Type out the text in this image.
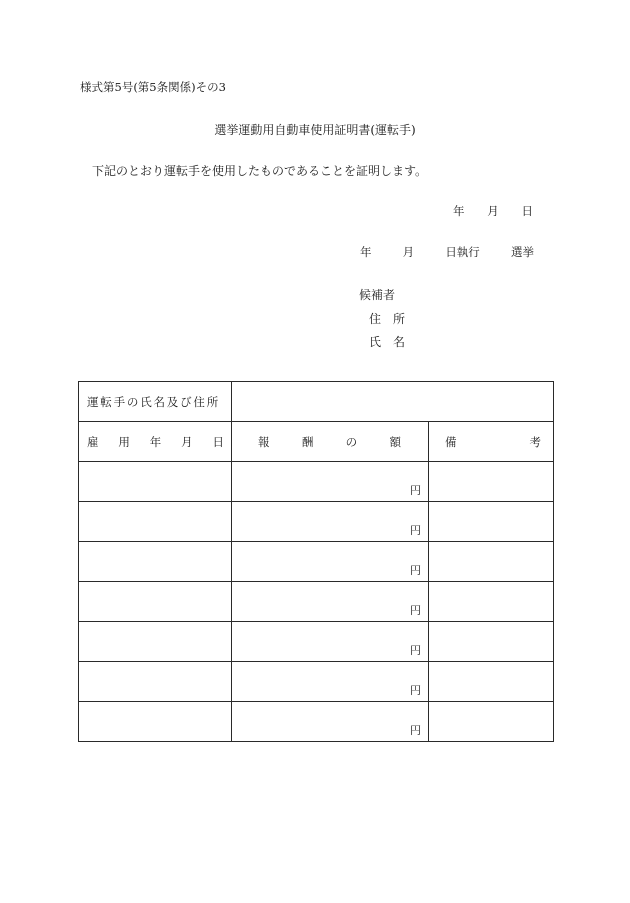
様式第5号(第5条関係)その3
選挙運動用自動車使用証明書(運転手)
下記のとおり運転手を使用したものであることを証明します。
年 月 日
年	月	日執行	選挙
候補者
住 所
氏 名
運転手の氏名及び住所		

雇 用 年 月 日	報 酬 の 額	備 考

	円	

	円	

	円	

	円	

	円	

	円	

	円	
